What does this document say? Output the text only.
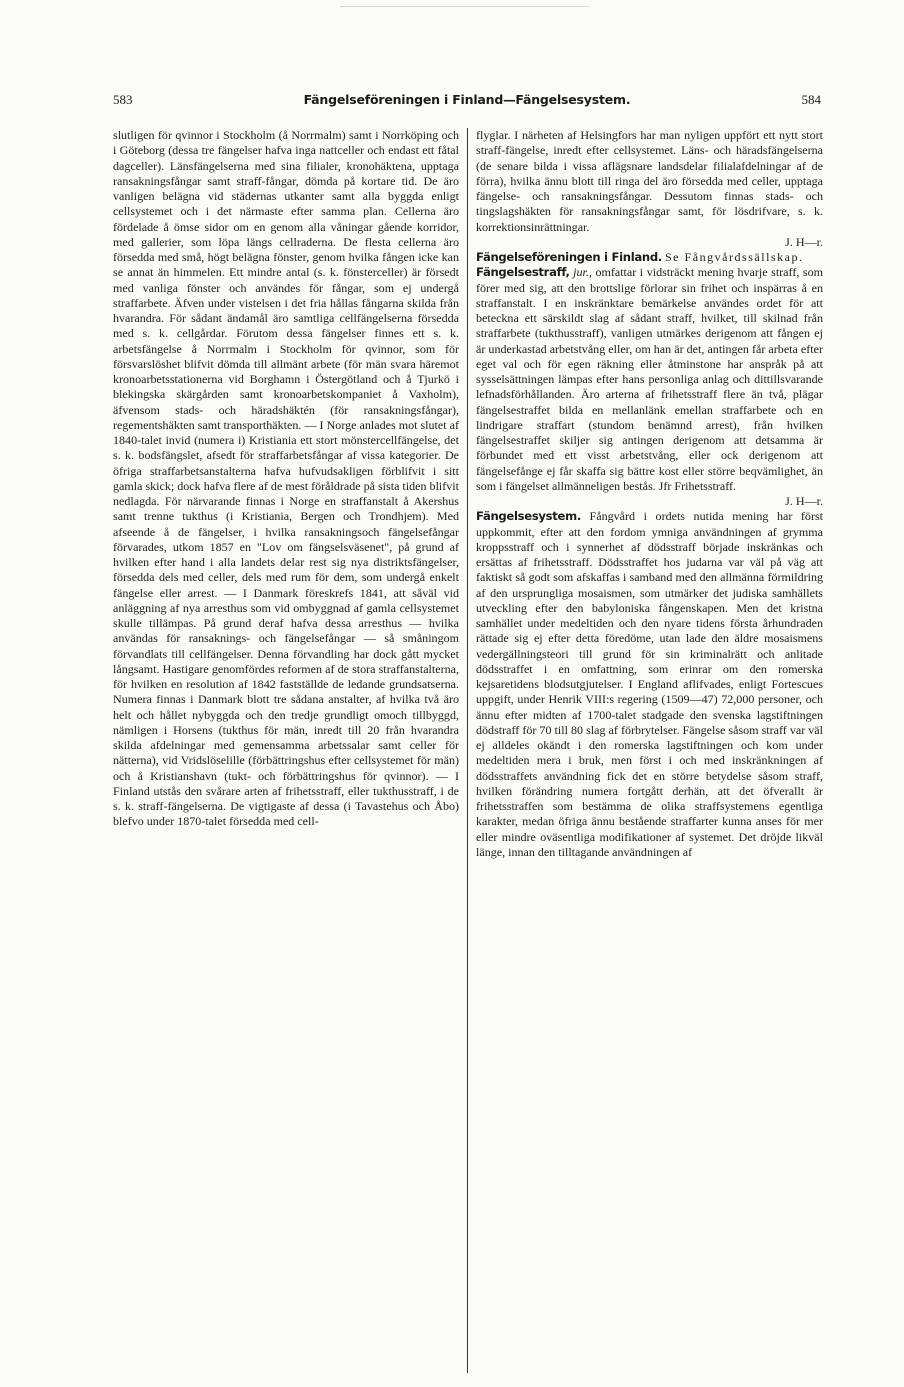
583	Fängelseföreningen i Finland—Fängelsesystem.	584

slutligen för qvinnor i Stockholm (å Norrmalm) samt i Norrköping och i Göteborg (dessa tre fängelser hafva inga nattceller och endast ett fåtal dagceller). Länsfängelserna med sina filialer, kronohäktena, upptaga ransakningsfångar samt straff-fångar, dömda på kortare tid. De äro vanligen belägna vid städernas utkanter samt alla byggda enligt cellsystemet och i det närmaste efter samma plan. Cellerna äro fördelade å ömse sidor om en genom alla våningar gående korridor, med gallerier, som löpa längs cellraderna. De flesta cellerna äro försedda med små, högt belägna fönster, genom hvilka fången icke kan se annat än himmelen. Ett mindre antal (s. k. fönsterceller) är försedt med vanliga fönster och användes för fångar, som ej undergå straffarbete. Äfven under vistelsen i det fria hållas fångarna skilda från hvarandra. För sådant ändamål äro samtliga cellfängelserna försedda med s. k. cellgårdar. Förutom dessa fängelser finnes ett s. k. arbetsfängelse å Norrmalm i Stockholm för qvinnor, som för försvarslöshet blifvit dömda till allmänt arbete (för män svara häremot kronoarbetsstationerna vid Borghamn i Östergötland och å Tjurkö i blekingska skärgården samt kronoarbetskompaniet å Vaxholm), äfvensom stads- och häradshäktén (för ransakningsfångar), regementshäkten samt transporthäkten. — I Norge anlades mot slutet af 1840-talet invid (numera i) Kristiania ett stort mönstercellfängelse, det s. k. bodsfängslet, afsedt för straffarbetsfångar af vissa kategorier. De öfriga straffarbetsanstalterna hafva hufvudsakligen förblifvit i sitt gamla skick; dock hafva flere af de mest föråldrade på sista tiden blifvit nedlagda. För närvarande finnas i Norge en straffanstalt å Akershus samt trenne tukthus (i Kristiania, Bergen och Trondhjem). Med afseende å de fängelser, i hvilka ransakningsoch fängelsefångar förvarades, utkom 1857 en "Lov om fängselsväsenet", på grund af hvilken efter hand i alla landets delar rest sig nya distriktsfängelser, försedda dels med celler, dels med rum för dem, som undergå enkelt fängelse eller arrest. — I Danmark föreskrefs 1841, att såväl vid anläggning af nya arresthus som vid ombyggnad af gamla cellsystemet skulle tillämpas. På grund deraf hafva dessa arresthus — hvilka användas för ransaknings- och fängelsefångar — så småningom förvandlats till cellfängelser. Denna förvandling har dock gått mycket långsamt. Hastigare genomfördes reformen af de stora straffanstalterna, för hvilken en resolution af 1842 fastställde de ledande grundsatserna. Numera finnas i Danmark blott tre sådana anstalter, af hvilka två äro helt och hållet nybyggda och den tredje grundligt omoch tillbyggd, nämligen i Horsens (tukthus för män, inredt till 20 från hvarandra skilda afdelningar med gemensamma arbetssalar samt celler för nätterna), vid Vridslöselille (förbättringshus efter cellsystemet för män) och å Kristianshavn (tukt- och förbättringshus för qvinnor). — I Finland utstås den svårare arten af frihetsstraff, eller tukthusstraff, i de s. k. straff-fängelserna. De vigtigaste af dessa (i Tavastehus och Åbo) blefvo under 1870-talet försedda med cell-

flyglar. I närheten af Helsingfors har man nyligen uppfört ett nytt stort straff-fängelse, inredt efter cellsystemet. Läns- och häradsfängelserna (de senare bilda i vissa aflägsnare landsdelar filialafdelningar af de förra), hvilka ännu blott till ringa del äro försedda med celler, upptaga fängelse- och ransakningsfångar. Dessutom finnas stads- och tingslagshäkten för ransakningsfångar samt, för lösdrifvare, s. k. korrektionsinrättningar.
J. H—r.

Fängelseföreningen i Finland. Se Fångvårdssällskap.

Fängelsestraff, jur., omfattar i vidsträckt mening hvarje straff, som förer med sig, att den brottslige förlorar sin frihet och inspärras å en straffanstalt. I en inskränktare bemärkelse användes ordet för att beteckna ett särskildt slag af sådant straff, hvilket, till skilnad från straffarbete (tukthusstraff), vanligen utmärkes derigenom att fången ej är underkastad arbetstvång eller, om han är det, antingen får arbeta efter eget val och för egen räkning eller åtminstone har anspråk på att sysselsättningen lämpas efter hans personliga anlag och dittillsvarande lefnadsförhållanden. Äro arterna af frihetsstraff flere än två, plägar fängelsestraffet bilda en mellanlänk emellan straffarbete och en lindrigare straffart (stundom benämnd arrest), från hvilken fängelsestraffet skiljer sig antingen derigenom att detsamma är förbundet med ett visst arbetstvång, eller ock derigenom att fängelsefånge ej får skaffa sig bättre kost eller större beqvämlighet, än som i fängelset allmänneligen bestås. Jfr Frihetsstraff.
J. H—r.

Fängelsesystem. Fångvård i ordets nutida mening har först uppkommit, efter att den fordom ymniga användningen af grymma kroppsstraff och i synnerhet af dödsstraff började inskränkas och ersättas af frihetsstraff. Dödsstraffet hos judarna var väl på väg att faktiskt så godt som afskaffas i samband med den allmänna förmildring af den ursprungliga mosaismen, som utmärker det judiska samhällets utveckling efter den babyloniska fångenskapen. Men det kristna samhället under medeltiden och den nyare tidens första århundraden rättade sig ej efter detta föredöme, utan lade den äldre mosaismens vedergällningsteori till grund för sin kriminalrätt och anlitade dödsstraffet i en omfattning, som erinrar om den romerska kejsaretidens blodsutgjutelser. I England aflifvades, enligt Fortescues uppgift, under Henrik VIII:s regering (1509—47) 72,000 personer, och ännu efter midten af 1700-talet stadgade den svenska lagstiftningen dödstraff för 70 till 80 slag af förbrytelser. Fängelse såsom straff var väl ej alldeles okändt i den romerska lagstiftningen och kom under medeltiden mera i bruk, men först i och med inskränkningen af dödsstraffets användning fick det en större betydelse såsom straff, hvilken förändring numera fortgått derhän, att det öfverallt är frihetsstraffen som bestämma de olika straffsystemens egentliga karakter, medan öfriga ännu bestående straffarter kunna anses för mer eller mindre oväsentliga modifikationer af systemet. Det dröjde likväl länge, innan den tilltagande användningen af
